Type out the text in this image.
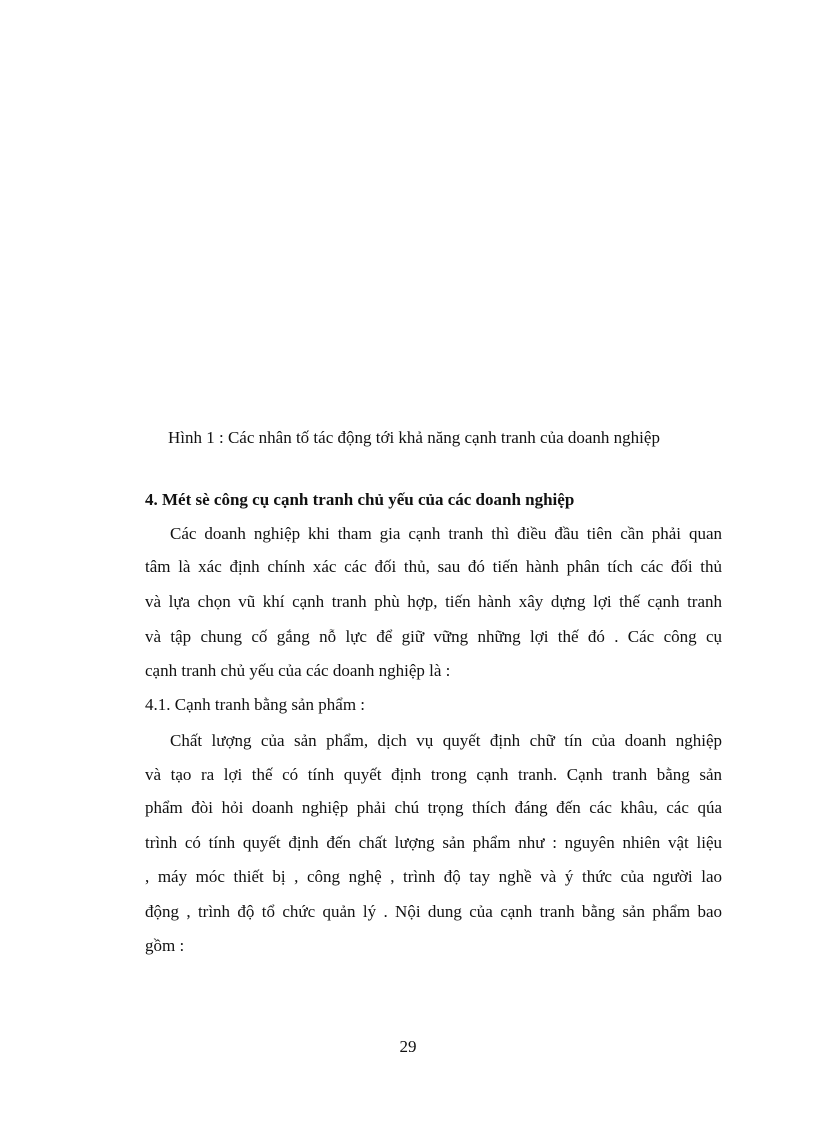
Hình 1 : Các nhân tố tác động tới khả năng cạnh tranh của doanh nghiệp
4. Mét sè công cụ cạnh tranh chủ yếu của các doanh nghiệp
Các doanh nghiệp khi tham gia cạnh tranh thì điều đầu tiên cần phải quan
tâm là xác định chính xác các đối thủ, sau đó tiến hành phân tích các đối thủ
và lựa chọn vũ khí cạnh tranh phù hợp, tiến hành xây dựng lợi thế cạnh tranh
và tập chung cố gắng nỗ lực để giữ vững những lợi thế đó . Các công cụ
cạnh tranh chủ yếu của các doanh nghiệp là :
4.1. Cạnh tranh bằng sản phẩm :
Chất lượng của sản phẩm, dịch vụ quyết định chữ tín của doanh nghiệp
và tạo ra lợi thế có tính quyết định trong cạnh tranh. Cạnh tranh bằng sản
phẩm đòi hỏi doanh nghiệp phải chú trọng thích đáng đến các khâu, các qúa
trình có tính quyết định đến chất lượng sản phẩm như : nguyên nhiên vật liệu
, máy móc thiết bị , công nghệ , trình độ tay nghề và ý thức của người lao
động , trình độ tổ chức quản lý . Nội dung của cạnh tranh bằng sản phẩm bao
gồm :
29
